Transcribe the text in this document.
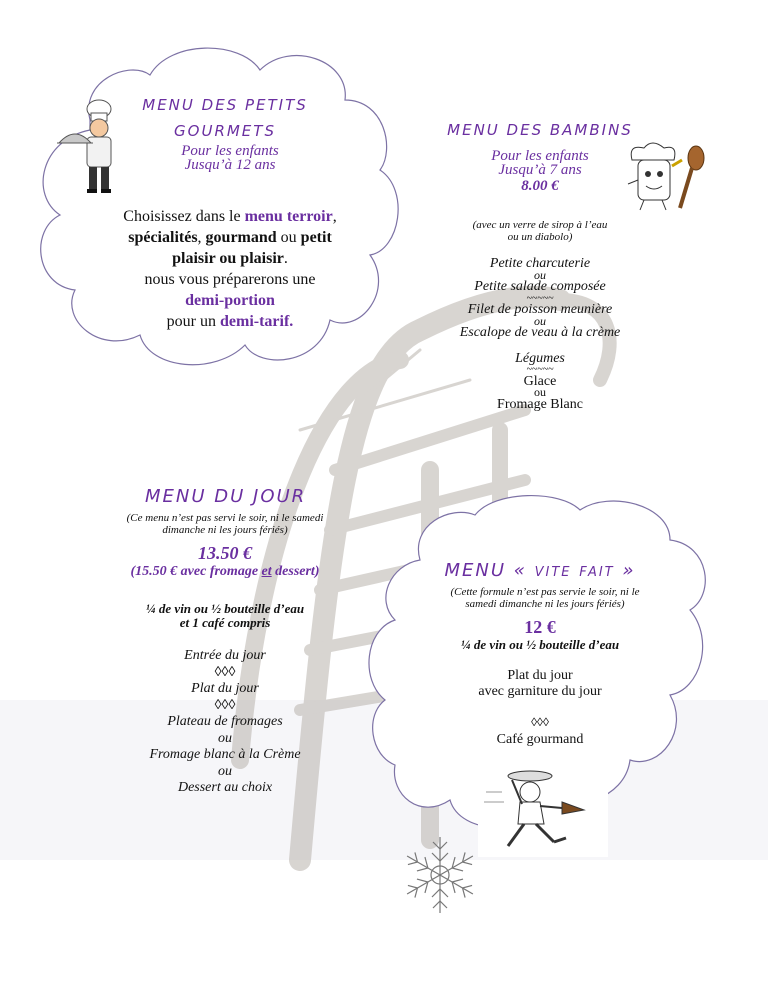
MENU DES PETITS
GOURMETS
Pour les enfants
Jusqu’à 12 ans
Choisissez dans le menu terroir,
spécialités, gourmand ou petit
plaisir ou plaisir.
nous vous préparerons une
demi-portion
pour un demi-tarif.
MENU DES BAMBINS
Pour les enfants
Jusqu’à 7 ans
8.00 €
(avec un verre de sirop à l’eau
ou un diabolo)
Petite charcuterie
ou
Petite salade composée
~~~~~
Filet de poisson meunière
ou
Escalope de veau à la crème
Légumes
~~~~~
Glace
ou
Fromage Blanc
MENU DU JOUR
(Ce menu n’est pas servi le soir, ni le samedi
dimanche ni les jours fériés)
13.50 €
(15.50 € avec fromage et dessert)
¼ de vin ou ½ bouteille d’eau
et 1 café compris
Entrée du jour
◊◊◊
Plat du jour
◊◊◊
Plateau de fromages
ou
Fromage blanc à la Crème
ou
Dessert au choix
MENU « vite fait »
(Cette formule n’est pas servie le soir, ni le
samedi dimanche ni les jours fériés)
12 €
¼ de vin ou ½ bouteille d’eau
Plat du jour
avec garniture du jour
◊◊◊
Café gourmand
